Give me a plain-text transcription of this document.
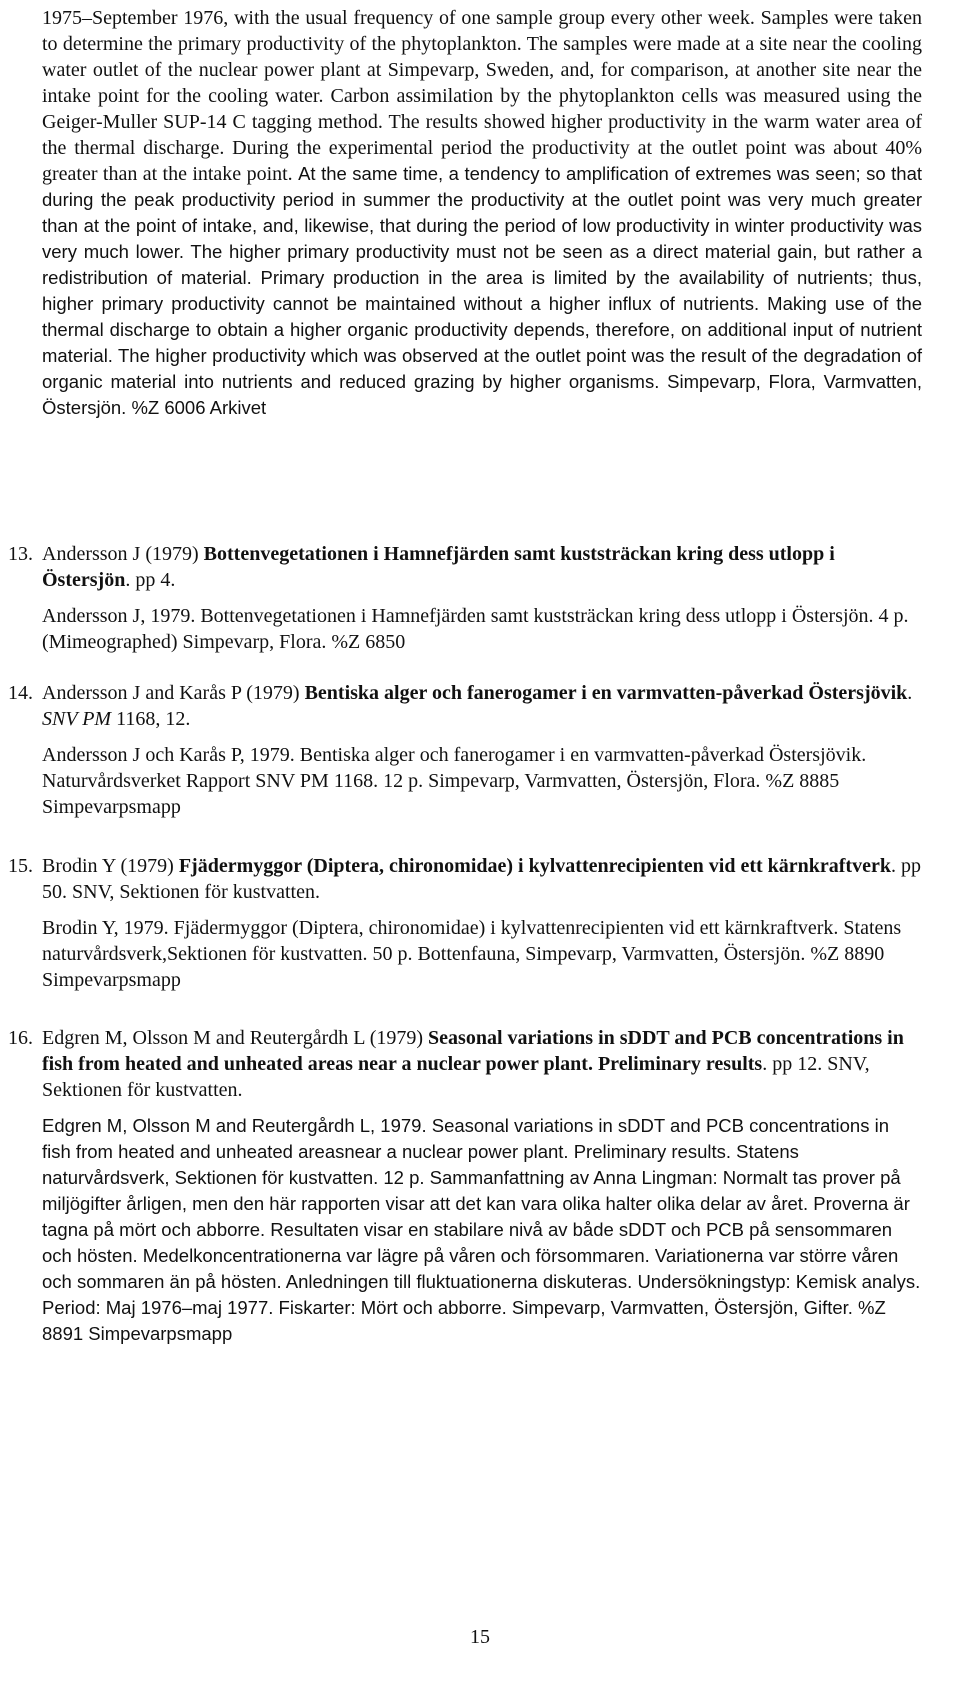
1975–September 1976, with the usual frequency of one sample group every other week. Samples were taken to determine the primary productivity of the phytoplankton. The samples were made at a site near the cooling water outlet of the nuclear power plant at Simpevarp, Sweden, and, for comparison, at another site near the intake point for the cooling water. Carbon assimilation by the phytoplankton cells was measured using the Geiger-Muller SUP-14 C tagging method. The results showed higher productivity in the warm water area of the thermal discharge. During the experimental period the productivity at the outlet point was about 40% greater than at the intake point. At the same time, a tendency to amplification of extremes was seen; so that during the peak productivity period in summer the productivity at the outlet point was very much greater than at the point of intake, and, likewise, that during the period of low productivity in winter productivity was very much lower. The higher primary productivity must not be seen as a direct material gain, but rather a redistribution of material. Primary production in the area is limited by the availability of nutrients; thus, higher primary productivity cannot be maintained without a higher influx of nutrients. Making use of the thermal discharge to obtain a higher organic productivity depends, therefore, on additional input of nutrient material. The higher productivity which was observed at the outlet point was the result of the degradation of organic material into nutrients and reduced grazing by higher organisms. Simpevarp, Flora, Varmvatten, Östersjön. %Z 6006 Arkivet

13. Andersson J (1979) Bottenvegetationen i Hamnefjärden samt kuststräckan kring dess utlopp i Östersjön. pp 4.

Andersson J, 1979. Bottenvegetationen i Hamnefjärden samt kuststräckan kring dess utlopp i Östersjön. 4 p. (Mimeographed) Simpevarp, Flora. %Z 6850

14. Andersson J and Karås P (1979) Bentiska alger och fanerogamer i en varmvatten-påverkad Östersjövik. SNV PM 1168, 12.

Andersson J och Karås P, 1979. Bentiska alger och fanerogamer i en varmvatten-påverkad Östersjövik. Naturvårdsverket Rapport SNV PM 1168. 12 p. Simpevarp, Varmvatten, Östersjön, Flora. %Z 8885 Simpevarpsmapp

15. Brodin Y (1979) Fjädermyggor (Diptera, chironomidae) i kylvattenrecipienten vid ett kärnkraftverk. pp 50. SNV, Sektionen för kustvatten.

Brodin Y, 1979. Fjädermyggor (Diptera, chironomidae) i kylvattenrecipienten vid ett kärnkraftverk. Statens naturvårdsverk,Sektionen för kustvatten. 50 p. Bottenfauna, Simpevarp, Varmvatten, Östersjön. %Z 8890 Simpevarpsmapp

16. Edgren M, Olsson M and Reutergårdh L (1979) Seasonal variations in sDDT and PCB concentrations in fish from heated and unheated areas near a nuclear power plant. Preliminary results. pp 12. SNV, Sektionen för kustvatten.

Edgren M, Olsson M and Reutergårdh L, 1979. Seasonal variations in sDDT and PCB concentrations in fish from heated and unheated areasnear a nuclear power plant. Preliminary results. Statens naturvårdsverk, Sektionen för kustvatten. 12 p. Sammanfattning av Anna Lingman: Normalt tas prover på miljögifter årligen, men den här rapporten visar att det kan vara olika halter olika delar av året. Proverna är tagna på mört och abborre. Resultaten visar en stabilare nivå av både sDDT och PCB på sensommaren och hösten. Medelkoncentrationerna var lägre på våren och försommaren. Variationerna var större våren och sommaren än på hösten. Anledningen till fluktuationerna diskuteras. Undersökningstyp: Kemisk analys. Period: Maj 1976–maj 1977. Fiskarter: Mört och abborre. Simpevarp, Varmvatten, Östersjön, Gifter. %Z 8891 Simpevarpsmapp

15
